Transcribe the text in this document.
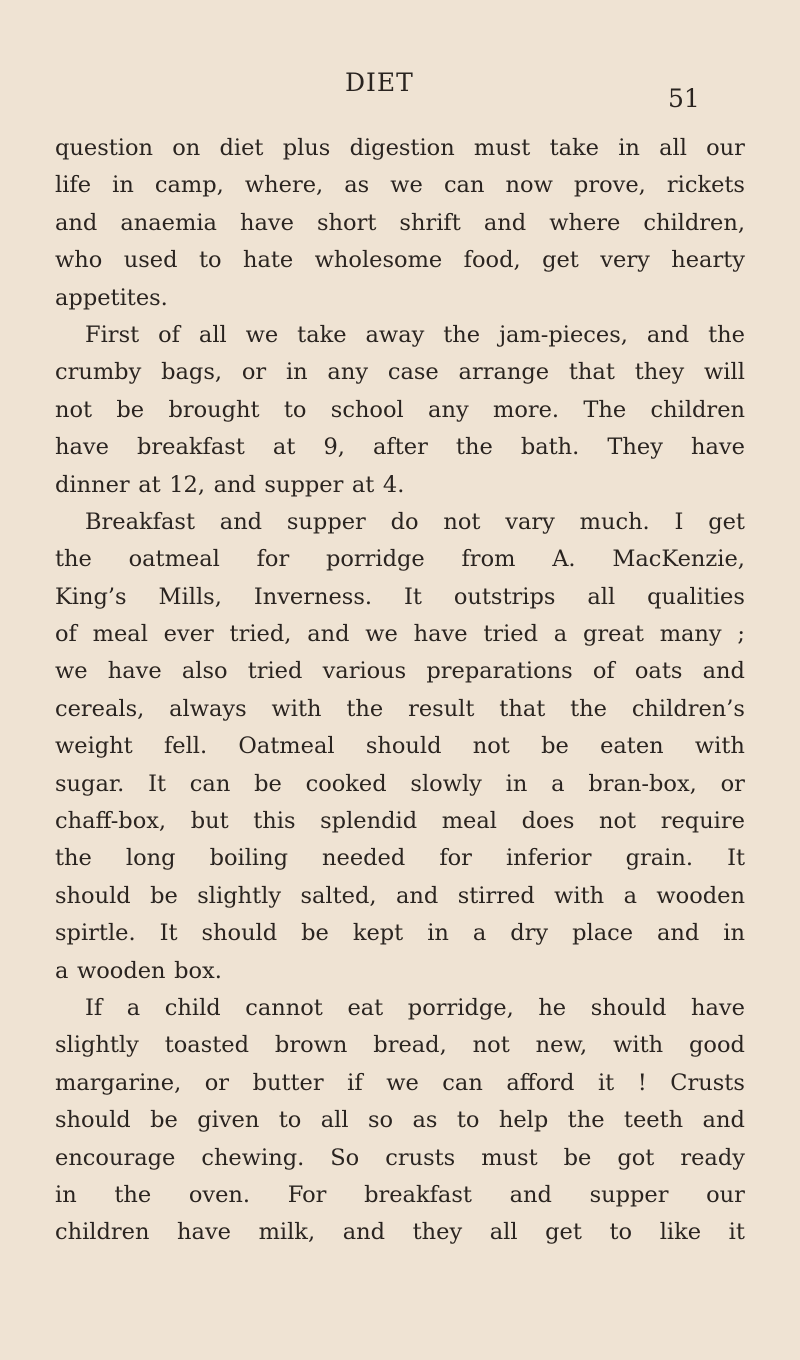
DIET
51
question on diet plus digestion must take in all our
life in camp, where, as we can now prove, rickets
and anaemia have short shrift and where children,
who used to hate wholesome food, get very hearty
appetites.
First of all we take away the jam-pieces, and the
crumby bags, or in any case arrange that they will
not be brought to school any more. The children
have breakfast at 9, after the bath. They have
dinner at 12, and supper at 4.
Breakfast and supper do not vary much. I get
the oatmeal for porridge from A. MacKenzie,
King’s Mills, Inverness. It outstrips all qualities
of meal ever tried, and we have tried a great many ;
we have also tried various preparations of oats and
cereals, always with the result that the children’s
weight fell. Oatmeal should not be eaten with
sugar. It can be cooked slowly in a bran-box, or
chaff-box, but this splendid meal does not require
the long boiling needed for inferior grain. It
should be slightly salted, and stirred with a wooden
spirtle. It should be kept in a dry place and in
a wooden box.
If a child cannot eat porridge, he should have
slightly toasted brown bread, not new, with good
margarine, or butter if we can afford it ! Crusts
should be given to all so as to help the teeth and
encourage chewing. So crusts must be got ready
in the oven. For breakfast and supper our
children have milk, and they all get to like it
